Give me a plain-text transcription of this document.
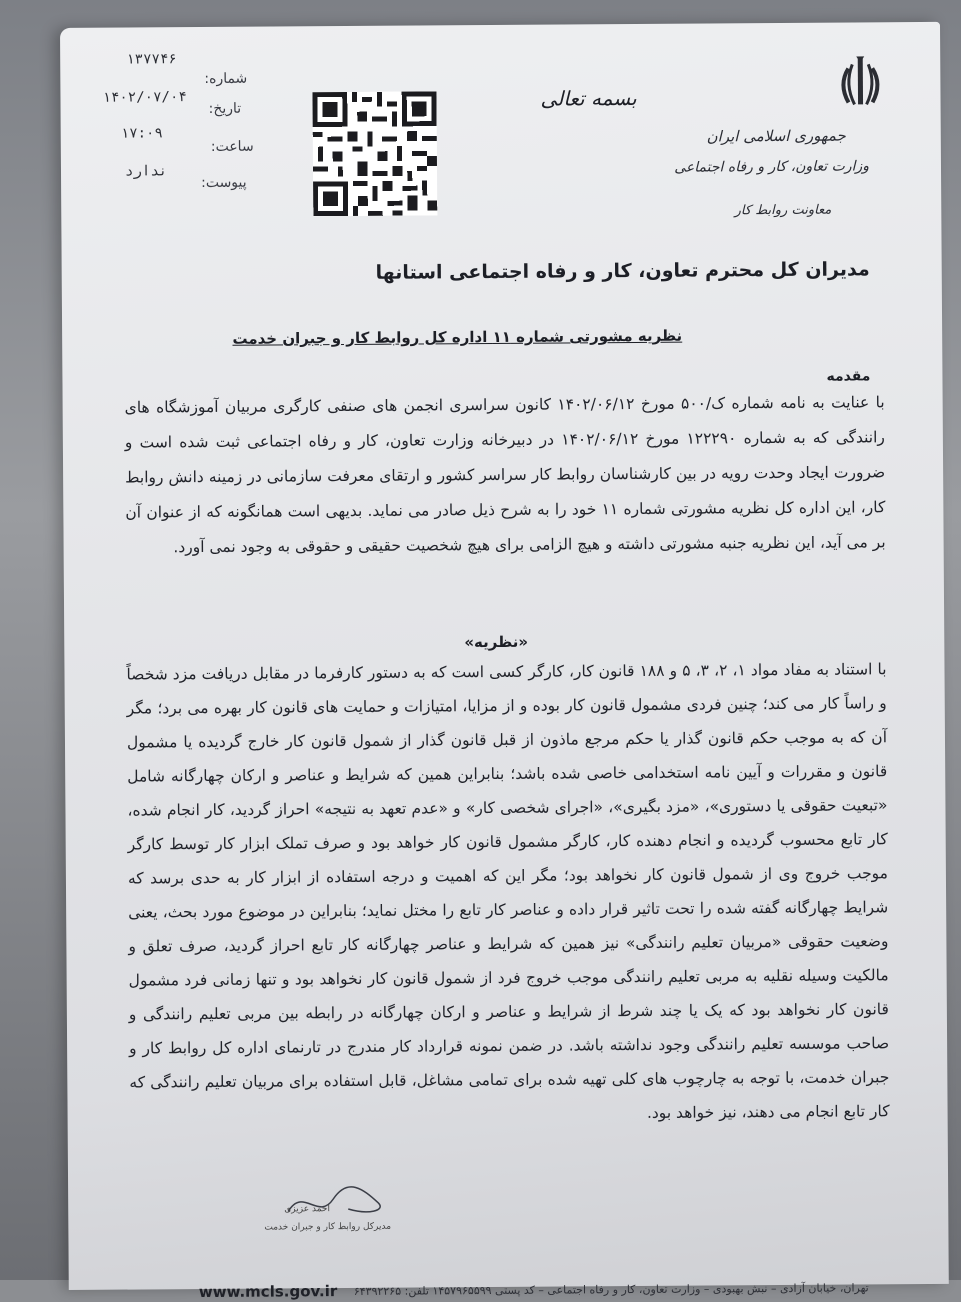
جمهوری اسلامی ایران
وزارت تعاون، کار و رفاه اجتماعی
معاونت روابط کار
بسمه تعالی
شماره:
۱۳۷۷۴۶
تاریخ:
۱۴۰۲/۰۷/۰۴
ساعت:
۱۷:۰۹
پیوست:
ندارد
مدیران کل محترم تعاون، کار و رفاه اجتماعی استانها
نظریه مشورتی شماره ۱۱ اداره کل روابط کار و جبران خدمت
مقدمه
با عنایت به نامه شماره ک/۵۰۰ مورخ ۱۴۰۲/۰۶/۱۲ کانون سراسری انجمن های صنفی کارگری مربیان آموزشگاه های رانندگی که به شماره ۱۲۲۲۹۰ مورخ ۱۴۰۲/۰۶/۱۲ در دبیرخانه وزارت تعاون، کار و رفاه اجتماعی ثبت شده است و ضرورت ایجاد وحدت رویه در بین کارشناسان روابط کار سراسر کشور و ارتقای معرفت سازمانی در زمینه دانش روابط کار، این اداره کل نظریه مشورتی شماره ۱۱ خود را به شرح ذیل صادر می نماید. بدیهی است همانگونه که از عنوان آن بر می آید، این نظریه جنبه مشورتی داشته و هیچ الزامی برای هیچ شخصیت حقیقی و حقوقی به وجود نمی آورد.
«نظریه»
با استناد به مفاد مواد ۱، ۲، ۳، ۵ و ۱۸۸ قانون کار، کارگر کسی است که به دستور کارفرما در مقابل دریافت مزد شخصاً و راساً کار می کند؛ چنین فردی مشمول قانون کار بوده و از مزایا، امتیازات و حمایت های قانون کار بهره می برد؛ مگر آن که به موجب حکم قانون گذار یا حکم مرجع ماذون از قبل قانون گذار از شمول قانون کار خارج گردیده یا مشمول قانون و مقررات و آیین نامه استخدامی خاصی شده باشد؛ بنابراین همین که شرایط و عناصر و ارکان چهارگانه شامل «تبعیت حقوقی یا دستوری»، «مزد بگیری»، «اجرای شخصی کار» و «عدم تعهد به نتیجه» احراز گردید، کار انجام شده، کار تابع محسوب گردیده و انجام دهنده کار، کارگر مشمول قانون کار خواهد بود و صرف تملک ابزار کار توسط کارگر موجب خروج وی از شمول قانون کار نخواهد بود؛ مگر این که اهمیت و درجه استفاده از ابزار کار به حدی برسد که شرایط چهارگانه گفته شده را تحت تاثیر قرار داده و عناصر کار تابع را مختل نماید؛ بنابراین در موضوع مورد بحث، یعنی وضعیت حقوقی «مربیان تعلیم رانندگی» نیز همین که شرایط و عناصر چهارگانه کار تابع احراز گردید، صرف تعلق و مالکیت وسیله نقلیه به مربی تعلیم رانندگی موجب خروج فرد از شمول قانون کار نخواهد بود و تنها زمانی فرد مشمول قانون کار نخواهد بود که یک یا چند شرط از شرایط و عناصر و ارکان چهارگانه در رابطه بین مربی تعلیم رانندگی و صاحب موسسه تعلیم رانندگی وجود نداشته باشد. در ضمن نمونه قرارداد کار مندرج در تارنمای اداره کل روابط کار و جبران خدمت، با توجه به چارچوب های کلی تهیه شده برای تمامی مشاغل، قابل استفاده برای مربیان تعلیم رانندگی که کار تابع انجام می دهند، نیز خواهد بود.
احمد عزیزی
مدیرکل روابط کار و جبران خدمت
www.mcls.gov.ir تهران، خیابان آزادی – نبش بهبودی – وزارت تعاون، کار و رفاه اجتماعی – کد پستی ۱۴۵۷۹۶۵۵۹۹ تلفن: ۶۴۳۹۲۲۶۵
